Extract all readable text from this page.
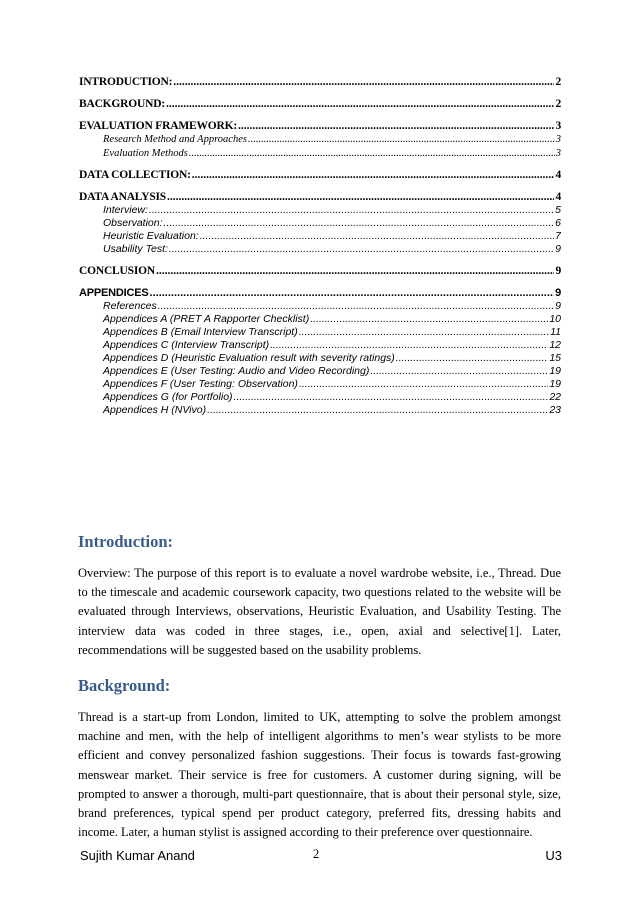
INTRODUCTION: .....	2
BACKGROUND: .....	2
EVALUATION FRAMEWORK: .....	3
Research Method and Approaches .....	3
Evaluation Methods .....	3
DATA COLLECTION: .....	4
DATA ANALYSIS .....	4
Interview: .....	5
Observation: .....	6
Heuristic Evaluation: .....	7
Usability Test: .....	9
CONCLUSION .....	9
APPENDICES .....	9
References .....	9
Appendices A (PRET A Rapporter Checklist) .....	10
Appendices B (Email Interview Transcript) .....	11
Appendices C (Interview Transcript) .....	12
Appendices D (Heuristic Evaluation result with severity ratings) .....	15
Appendices E (User Testing: Audio and Video Recording) .....	19
Appendices F (User Testing: Observation) .....	19
Appendices G (for Portfolio) .....	22
Appendices H (NVivo) .....	23
Introduction:

Overview: The purpose of this report is to evaluate a novel wardrobe website, i.e., Thread. Due to the timescale and academic coursework capacity, two questions related to the website will be evaluated through Interviews, observations, Heuristic Evaluation, and Usability Testing. The interview data was coded in three stages, i.e., open, axial and selective[1]. Later, recommendations will be suggested based on the usability problems.

Background:

Thread is a start-up from London, limited to UK, attempting to solve the problem amongst machine and men, with the help of intelligent algorithms to men’s wear stylists to be more efficient and convey personalized fashion suggestions. Their focus is towards fast-growing menswear market. Their service is free for customers. A customer during signing, will be prompted to answer a thorough, multi-part questionnaire, that is about their personal style, size, brand preferences, typical spend per product category, preferred fits, dressing habits and income. Later, a human stylist is assigned according to their preference over questionnaire.

Sujith Kumar Anand	2	U3
